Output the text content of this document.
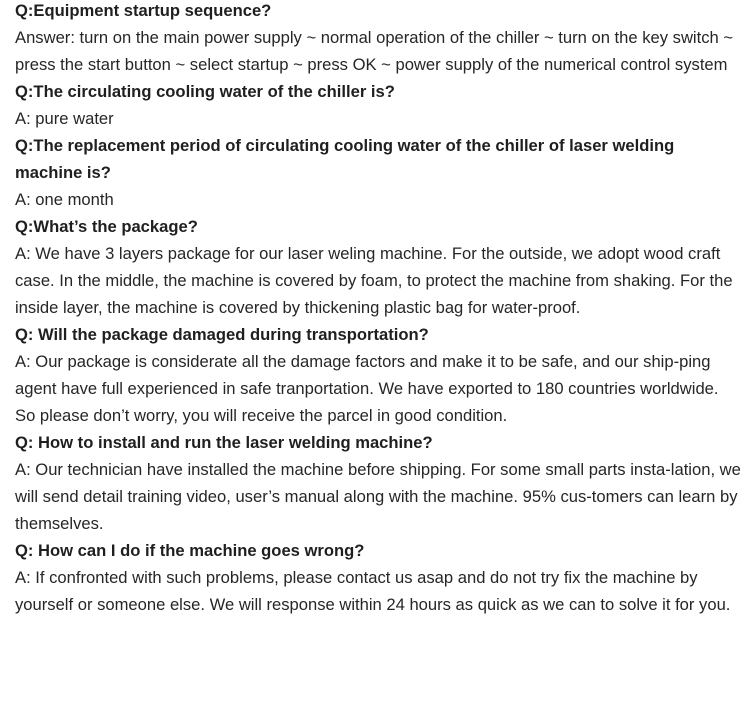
Q:Equipment startup sequence?

Answer: turn on the main power supply ~ normal operation of the chiller ~ turn on the key switch ~ press the start button ~ select startup ~ press OK ~ power supply of the numerical control system

Q:The circulating cooling water of the chiller is?

A: pure water

Q:The replacement period of circulating cooling water of the chiller of laser welding machine is?

A: one month

Q:What’s the package?

A: We have 3 layers package for our laser weling machine. For the outside, we adopt wood craft case. In the middle, the machine is covered by foam, to protect the machine from shaking. For the inside layer, the machine is covered by thickening plastic bag for water-proof.

Q: Will the package damaged during transportation?

A: Our package is considerate all the damage factors and make it to be safe, and our ship-ping agent have full experienced in safe tranportation. We have exported to 180 countries worldwide. So please don’t worry, you will receive the parcel in good condition.

Q: How to install and run the laser welding machine?

A: Our technician have installed the machine before shipping. For some small parts insta-lation, we will send detail training video, user’s manual along with the machine. 95% cus-tomers can learn by themselves.

Q: How can I do if the machine goes wrong?

A: If confronted with such problems, please contact us asap and do not try fix the machine by yourself or someone else. We will response within 24 hours as quick as we can to solve it for you.
